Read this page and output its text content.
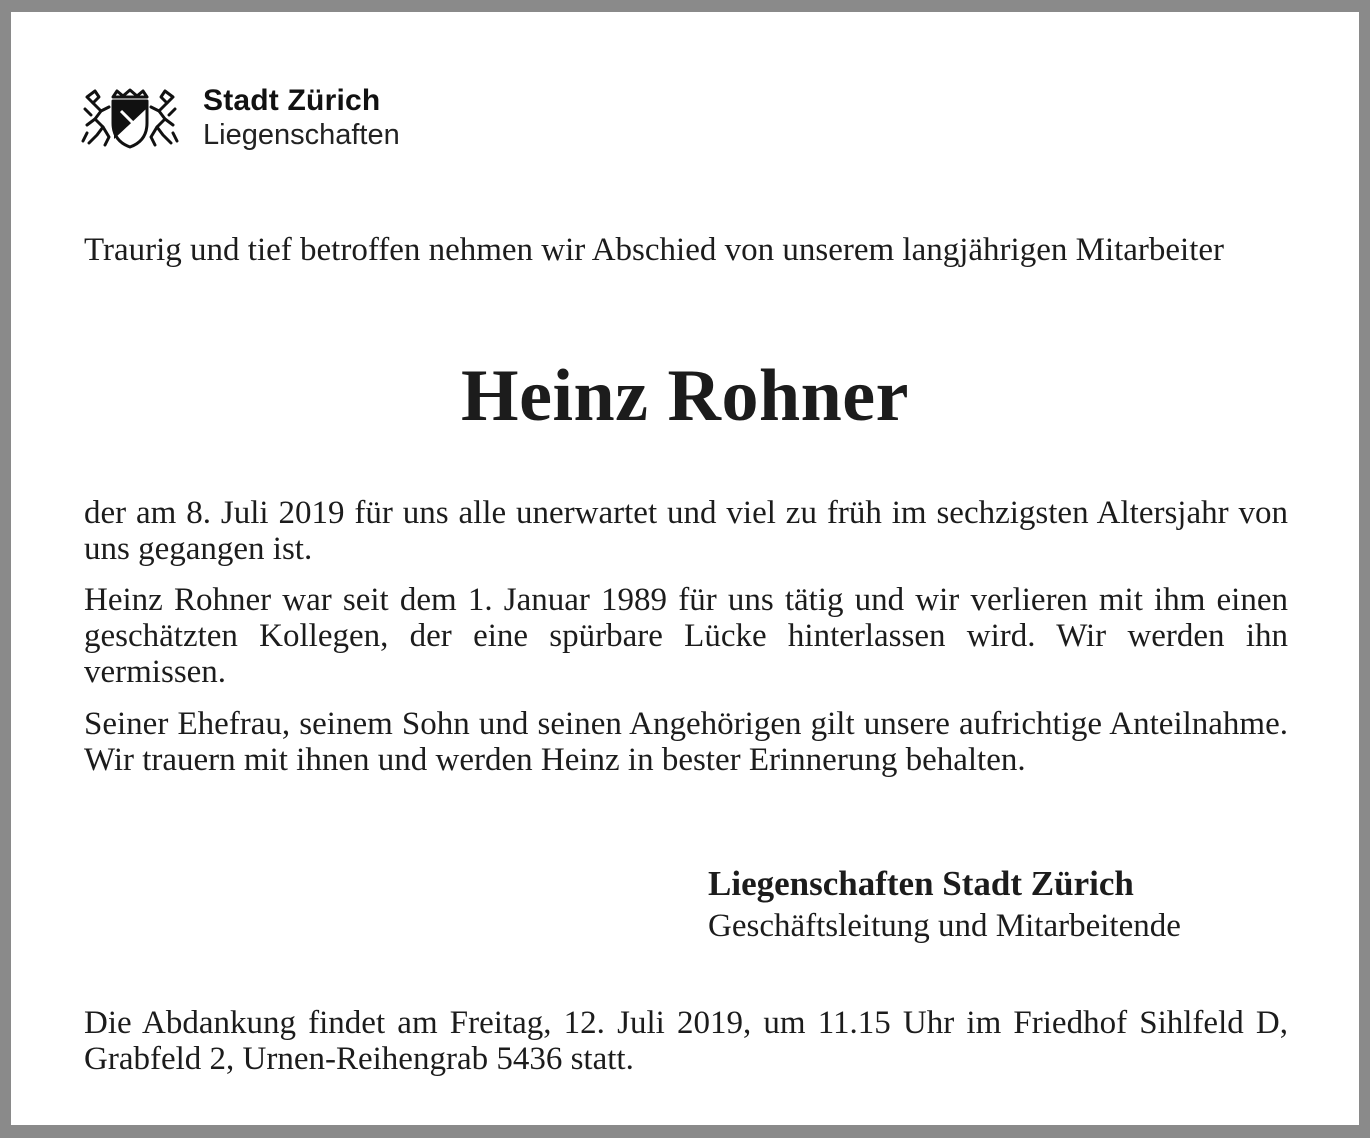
Stadt Zürich
Liegenschaften

Traurig und tief betroffen nehmen wir Abschied von unserem langjährigen Mitarbeiter

Heinz Rohner

der am 8. Juli 2019 für uns alle unerwartet und viel zu früh im sechzigsten Altersjahr von uns gegangen ist.

Heinz Rohner war seit dem 1. Januar 1989 für uns tätig und wir verlieren mit ihm einen geschätzten Kollegen, der eine spürbare Lücke hinterlassen wird. Wir werden ihn vermissen.

Seiner Ehefrau, seinem Sohn und seinen Angehörigen gilt unsere aufrichtige Anteilnahme. Wir trauern mit ihnen und werden Heinz in bester Erinnerung behalten.

Liegenschaften Stadt Zürich
Geschäftsleitung und Mitarbeitende

Die Abdankung findet am Freitag, 12. Juli 2019, um 11.15 Uhr im Friedhof Sihlfeld D, Grabfeld 2, Urnen-Reihengrab 5436 statt.
